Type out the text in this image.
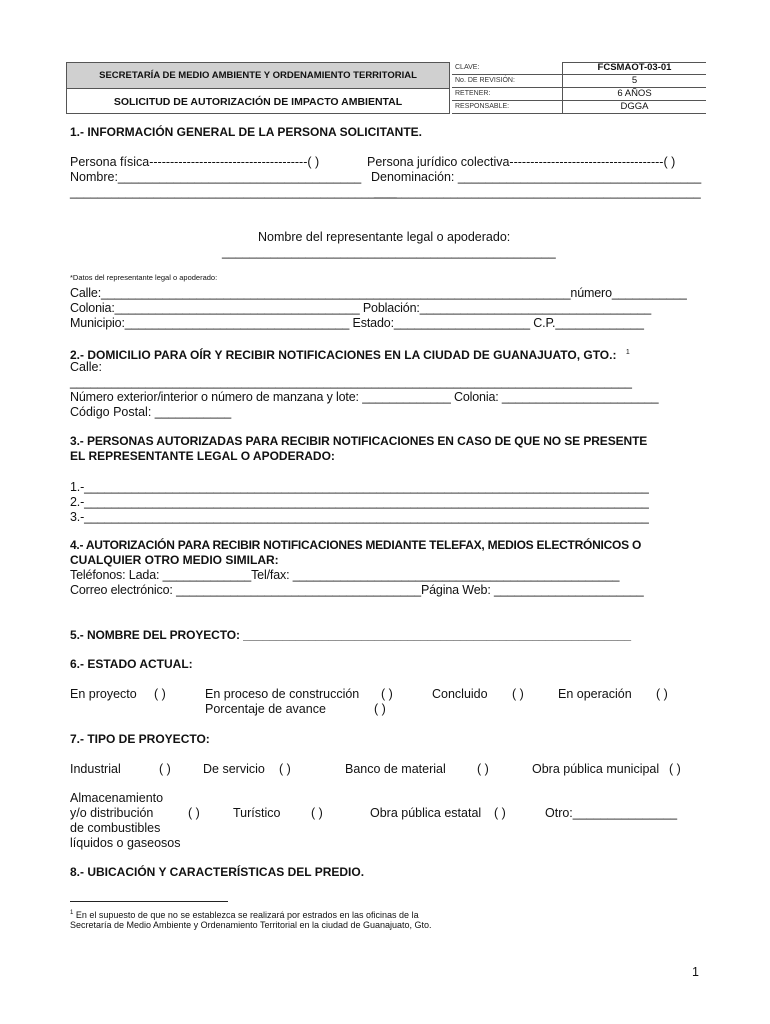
SECRETARÍA DE MEDIO AMBIENTE Y ORDENAMIENTO TERRITORIAL
SOLICITUD DE AUTORIZACIÓN DE IMPACTO AMBIENTAL
CLAVE:	FCSMAOT-03-01
No. DE REVISIÓN:	5
RETENER:	6 AÑOS
RESPONSABLE:	DGGA
1.- INFORMACIÓN GENERAL DE LA PERSONA SOLICITANTE.
Persona física--------------------------------------( )	Persona jurídico colectiva-------------------------------------( )
Nombre:___________________________________ Denominación: ___________________________________
_______________________________________________
_______________________________________________
Nombre del representante legal o apoderado:
________________________________________________
*Datos del representante legal o apoderado:
Calle:_____________________________________________________________________número___________
Colonia:____________________________________ Población:__________________________________
Municipio:_________________________________ Estado:____________________ C.P._____________
2.- DOMICILIO PARA OÍR Y RECIBIR NOTIFICACIONES EN LA CIUDAD DE GUANAJUATO, GTO.: $^1$
Calle:
__________________________________________________________________________________
Número exterior/interior o número de manzana y lote: _____________ Colonia: _______________________
Código Postal: ___________
3.- PERSONAS AUTORIZADAS PARA RECIBIR NOTIFICACIONES EN CASO DE QUE NO SE PRESENTE
EL REPRESENTANTE LEGAL O APODERADO:
1.-___________________________________________________________________________________
2.-___________________________________________________________________________________
3.-___________________________________________________________________________________
4.- AUTORIZACIÓN PARA RECIBIR NOTIFICACIONES MEDIANTE TELEFAX, MEDIOS ELECTRÓNICOS O
CUALQUIER OTRO MEDIO SIMILAR:
Teléfonos: Lada: _____________Tel/fax: ________________________________________________
Correo electrónico: ____________________________________Página Web: ______________________
5.- NOMBRE DEL PROYECTO: ___________________________________________________________
6.- ESTADO ACTUAL:
En proyecto ( )	En proceso de construcción ( )	Concluido ( )	En operación ( )
Porcentaje de avance	( )
7.- TIPO DE PROYECTO:
Industrial	( )	De servicio ( )	Banco de material ( )	Obra pública municipal ( )
Almacenamiento
y/o distribución
de combustibles
líquidos o gaseosos
( )	Turístico ( )	Obra pública estatal ( )	Otro:_______________
8.- UBICACIÓN Y CARACTERÍSTICAS DEL PREDIO.
$^1$ En el supuesto de que no se establezca se realizará por estrados en las oficinas de la
Secretaría de Medio Ambiente y Ordenamiento Territorial en la ciudad de Guanajuato, Gto.
1
